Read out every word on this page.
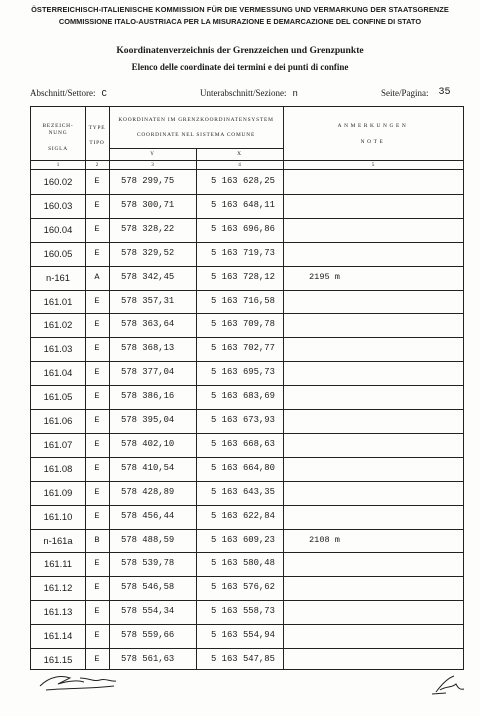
ÖSTERREICHISCH-ITALIENISCHE KOMMISSION FÜR DIE VERMESSUNG UND VERMARKUNG DER STAATSGRENZE
COMMISSIONE ITALO-AUSTRIACA PER LA MISURAZIONE E DEMARCAZIONE DEL CONFINE DI STATO
Koordinatenverzeichnis der Grenzzeichen und Grenzpunkte
Elenco delle coordinate dei termini e dei punti di confine
Abschnitt/Settore: C	Unterabschnitt/Sezione: n	Seite/Pagina: 35
BEZEICH-
NUNG
SIGLA
TYPE
TIPO
KOORDINATEN IM GRENZKOORDINATENSYSTEM
COORDINATE NEL SISTEMA COMUNE
Y	X
ANMERKUNGEN
NOTE
1	2	3	4	5
160.02	E	578 299,75	5 163 628,25
160.03	E	578 300,71	5 163 648,11
160.04	E	578 328,22	5 163 696,86
160.05	E	578 329,52	5 163 719,73
n-161	A	578 342,45	5 163 728,12	2195 m
161.01	E	578 357,31	5 163 716,58
161.02	E	578 363,64	5 163 709,78
161.03	E	578 368,13	5 163 702,77
161.04	E	578 377,04	5 163 695,73
161.05	E	578 386,16	5 163 683,69
161.06	E	578 395,04	5 163 673,93
161.07	E	578 402,10	5 163 668,63
161.08	E	578 410,54	5 163 664,80
161.09	E	578 428,89	5 163 643,35
161.10	E	578 456,44	5 163 622,84
n-161a	B	578 488,59	5 163 609,23	2108 m
161.11	E	578 539,78	5 163 580,48
161.12	E	578 546,58	5 163 576,62
161.13	E	578 554,34	5 163 558,73
161.14	E	578 559,66	5 163 554,94
161.15	E	578 561,63	5 163 547,85
